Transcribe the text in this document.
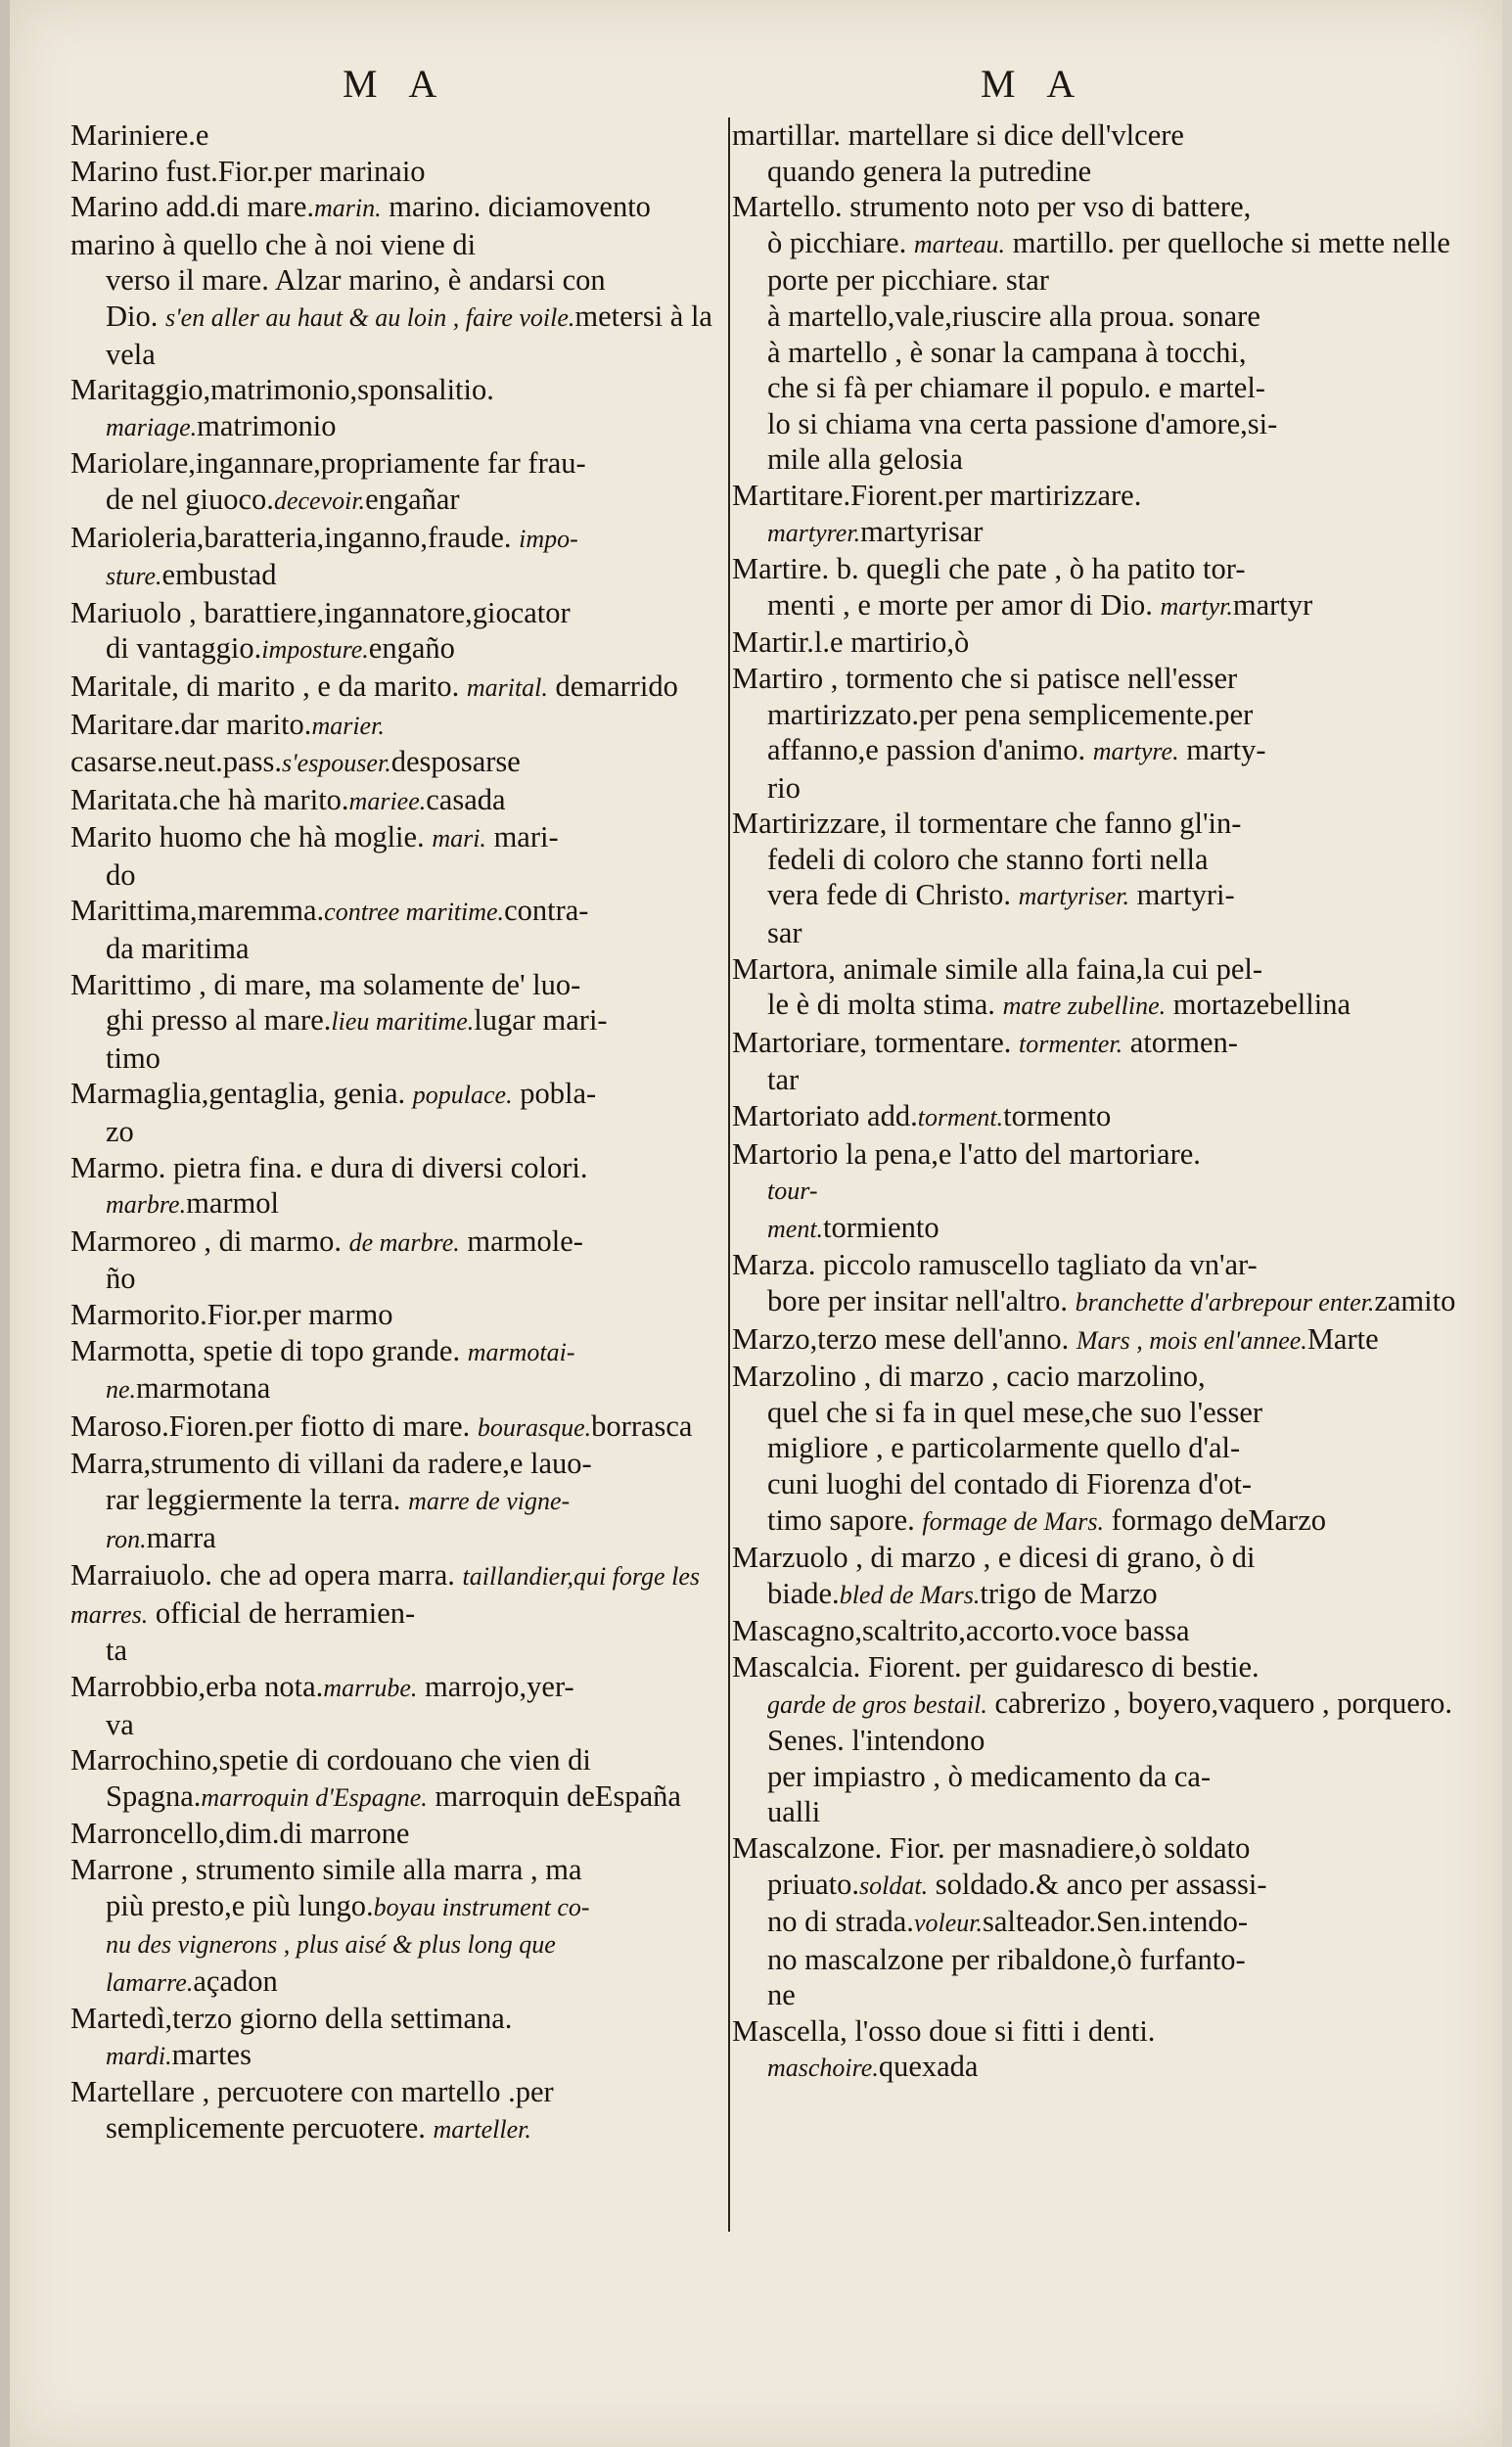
M A	M A
Mariniere.e
Marino fust.Fior.per marinaio
Marino add.di mare.marin. marino. diciamovento marino à quello che à noi viene di
verso il mare. Alzar marino, è andarsi con
Dio. s'en aller au haut & au loin , faire voile.metersi à la vela
Maritaggio,matrimonio,sponsalitio.
mariage.matrimonio
Mariolare,ingannare,propriamente far frau-
de nel giuoco.decevoir.engañar
Marioleria,baratteria,inganno,fraude. impo-
sture.embustad
Mariuolo , barattiere,ingannatore,giocator
di vantaggio.imposture.engaño
Maritale, di marito , e da marito. marital. demarrido
Maritare.dar marito.marier. casarse.neut.pass.s'espouser.desposarse
Maritata.che hà marito.mariee.casada
Marito huomo che hà moglie. mari. mari-
do
Marittima,maremma.contree maritime.contra-
da maritima
Marittimo , di mare, ma solamente de' luo-
ghi presso al mare.lieu maritime.lugar mari-
timo
Marmaglia,gentaglia, genia. populace. pobla-
zo
Marmo. pietra fina. e dura di diversi colori.
marbre.marmol
Marmoreo , di marmo. de marbre. marmole-
ño
Marmorito.Fior.per marmo
Marmotta, spetie di topo grande. marmotai-
ne.marmotana
Maroso.Fioren.per fiotto di mare. bourasque.borrasca
Marra,strumento di villani da radere,e lauo-
rar leggiermente la terra. marre de vigne-
ron.marra
Marraiuolo. che ad opera marra. taillandier,qui forge les marres. official de herramien-
ta
Marrobbio,erba nota.marrube. marrojo,yer-
va
Marrochino,spetie di cordouano che vien di
Spagna.marroquin d'Espagne. marroquin deEspaña
Marroncello,dim.di marrone
Marrone , strumento simile alla marra , ma
più presto,e più lungo.boyau instrument co-
nu des vignerons , plus aisé & plus long que lamarre.açadon
Martedì,terzo giorno della settimana.
mardi.martes
Martellare , percuotere con martello .per
semplicemente percuotere. marteller.
martillar. martellare si dice dell'vlcere
quando genera la putredine
Martello. strumento noto per vso di battere,
ò picchiare. marteau. martillo. per quelloche si mette nelle porte per picchiare. star
à martello,vale,riuscire alla proua. sonare
à martello , è sonar la campana à tocchi,
che si fà per chiamare il populo. e martel-
lo si chiama vna certa passione d'amore,si-
mile alla gelosia
Martitare.Fiorent.per martirizzare.
martyrer.martyrisar
Martire. b. quegli che pate , ò ha patito tor-
menti , e morte per amor di Dio. martyr.martyr
Martir.l.e martirio,ò
Martiro , tormento che si patisce nell'esser
martirizzato.per pena semplicemente.per
affanno,e passion d'animo. martyre. marty-
rio
Martirizzare, il tormentare che fanno gl'in-
fedeli di coloro che stanno forti nella
vera fede di Christo. martyriser. martyri-
sar
Martora, animale simile alla faina,la cui pel-
le è di molta stima. matre zubelline. mortazebellina
Martoriare, tormentare. tormenter. atormen-
tar
Martoriato add.torment.tormento
Martorio la pena,e l'atto del martoriare.
tour-
ment.tormiento
Marza. piccolo ramuscello tagliato da vn'ar-
bore per insitar nell'altro. branchette d'arbrepour enter.zamito
Marzo,terzo mese dell'anno. Mars , mois enl'annee.Marte
Marzolino , di marzo , cacio marzolino,
quel che si fa in quel mese,che suo l'esser
migliore , e particolarmente quello d'al-
cuni luoghi del contado di Fiorenza d'ot-
timo sapore. formage de Mars. formago deMarzo
Marzuolo , di marzo , e dicesi di grano, ò di
biade.bled de Mars.trigo de Marzo
Mascagno,scaltrito,accorto.voce bassa
Mascalcia. Fiorent. per guidaresco di bestie.
garde de gros bestail. cabrerizo , boyero,vaquero , porquero. Senes. l'intendono
per impiastro , ò medicamento da ca-
ualli
Mascalzone. Fior. per masnadiere,ò soldato
priuato.soldat. soldado.& anco per assassi-
no di strada.voleur.salteador.Sen.intendo-
no mascalzone per ribaldone,ò furfanto-
ne
Mascella, l'osso doue si fitti i denti.
maschoire.quexada
